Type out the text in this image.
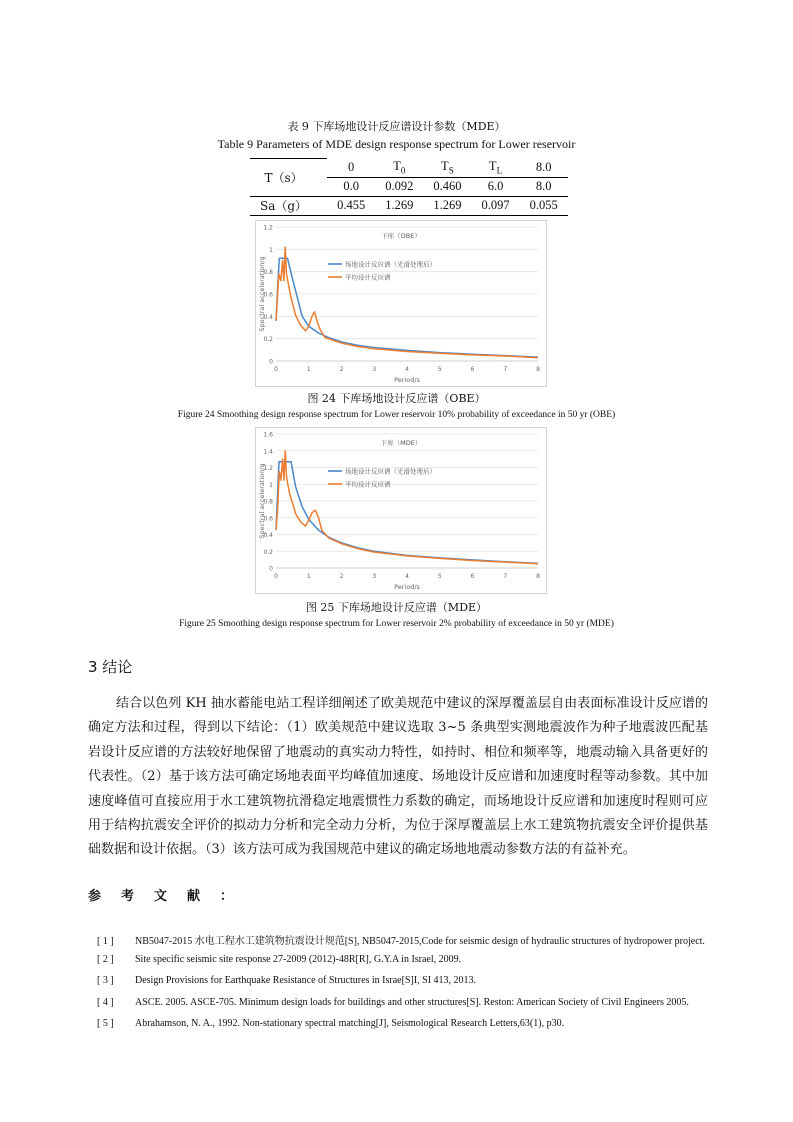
表 9 下库场地设计反应谱设计参数（MDE）
Table 9 Parameters of MDE design response spectrum for Lower reservoir
T（s）	0	$T_0$	$T_S$	$T_L$	8.0
	0.0	0.092	0.460	6.0	8.0
Sa（g）	0.455	1.269	1.269	0.097	0.055
0
0.2
0.4
0.6
0.8
1
1.2
0	1	2	3	4	5	6	7	8
下库（OBE）
Period/s
Spectral acceleration/g	场地设计反应谱（光滑处理后）
平均设计反应谱
图 24 下库场地设计反应谱（OBE）
Figure 24 Smoothing design response spectrum for Lower reservoir 10% probability of exceedance in 50 yr (OBE)
0
0.2
0.4
0.6
0.8
1
1.2
1.4
1.6
0	1	2	3	4	5	6	7	8
下库（MDE）
Period/s
Spectral acceleration/g	场地设计反应谱（光滑处理后）
平均设计反应谱
图 25 下库场地设计反应谱（MDE）
Figure 25 Smoothing design response spectrum for Lower reservoir 2% probability of exceedance in 50 yr (MDE)
3 结论
结合以色列 KH 抽水蓄能电站工程详细阐述了欧美规范中建议的深厚覆盖层自由表面标准设计反应谱的确定方法和过程，得到以下结论：（1）欧美规范中建议选取 3~5 条典型实测地震波作为种子地震波匹配基岩设计反应谱的方法较好地保留了地震动的真实动力特性，如持时、相位和频率等，地震动输入具备更好的代表性。（2）基于该方法可确定场地表面平均峰值加速度、场地设计反应谱和加速度时程等动参数。其中加速度峰值可直接应用于水工建筑物抗滑稳定地震惯性力系数的确定，而场地设计反应谱和加速度时程则可应用于结构抗震安全评价的拟动力分析和完全动力分析，为位于深厚覆盖层上水工建筑物抗震安全评价提供基础数据和设计依据。（3）该方法可成为我国规范中建议的确定场地地震动参数方法的有益补充。
参考文献：
[ 1 ] NB5047-2015 水电工程水工建筑物抗震设计规范[S], NB5047-2015,Code for seismic design of hydraulic structures of hydropower project.
[ 2 ] Site specific seismic site response 27-2009 (2012)-48R[R], G.Y.A in Israel, 2009.
[ 3 ] Design Provisions for Earthquake Resistance of Structures in Israe[S]I, SI 413, 2013.
[ 4 ] ASCE. 2005. ASCE-705. Minimum design loads for buildings and other structures[S]. Reston: American Society of Civil Engineers 2005.
[ 5 ] Abrahamson, N. A., 1992. Non-stationary spectral matching[J], Seismological Research Letters,63(1), p30.
